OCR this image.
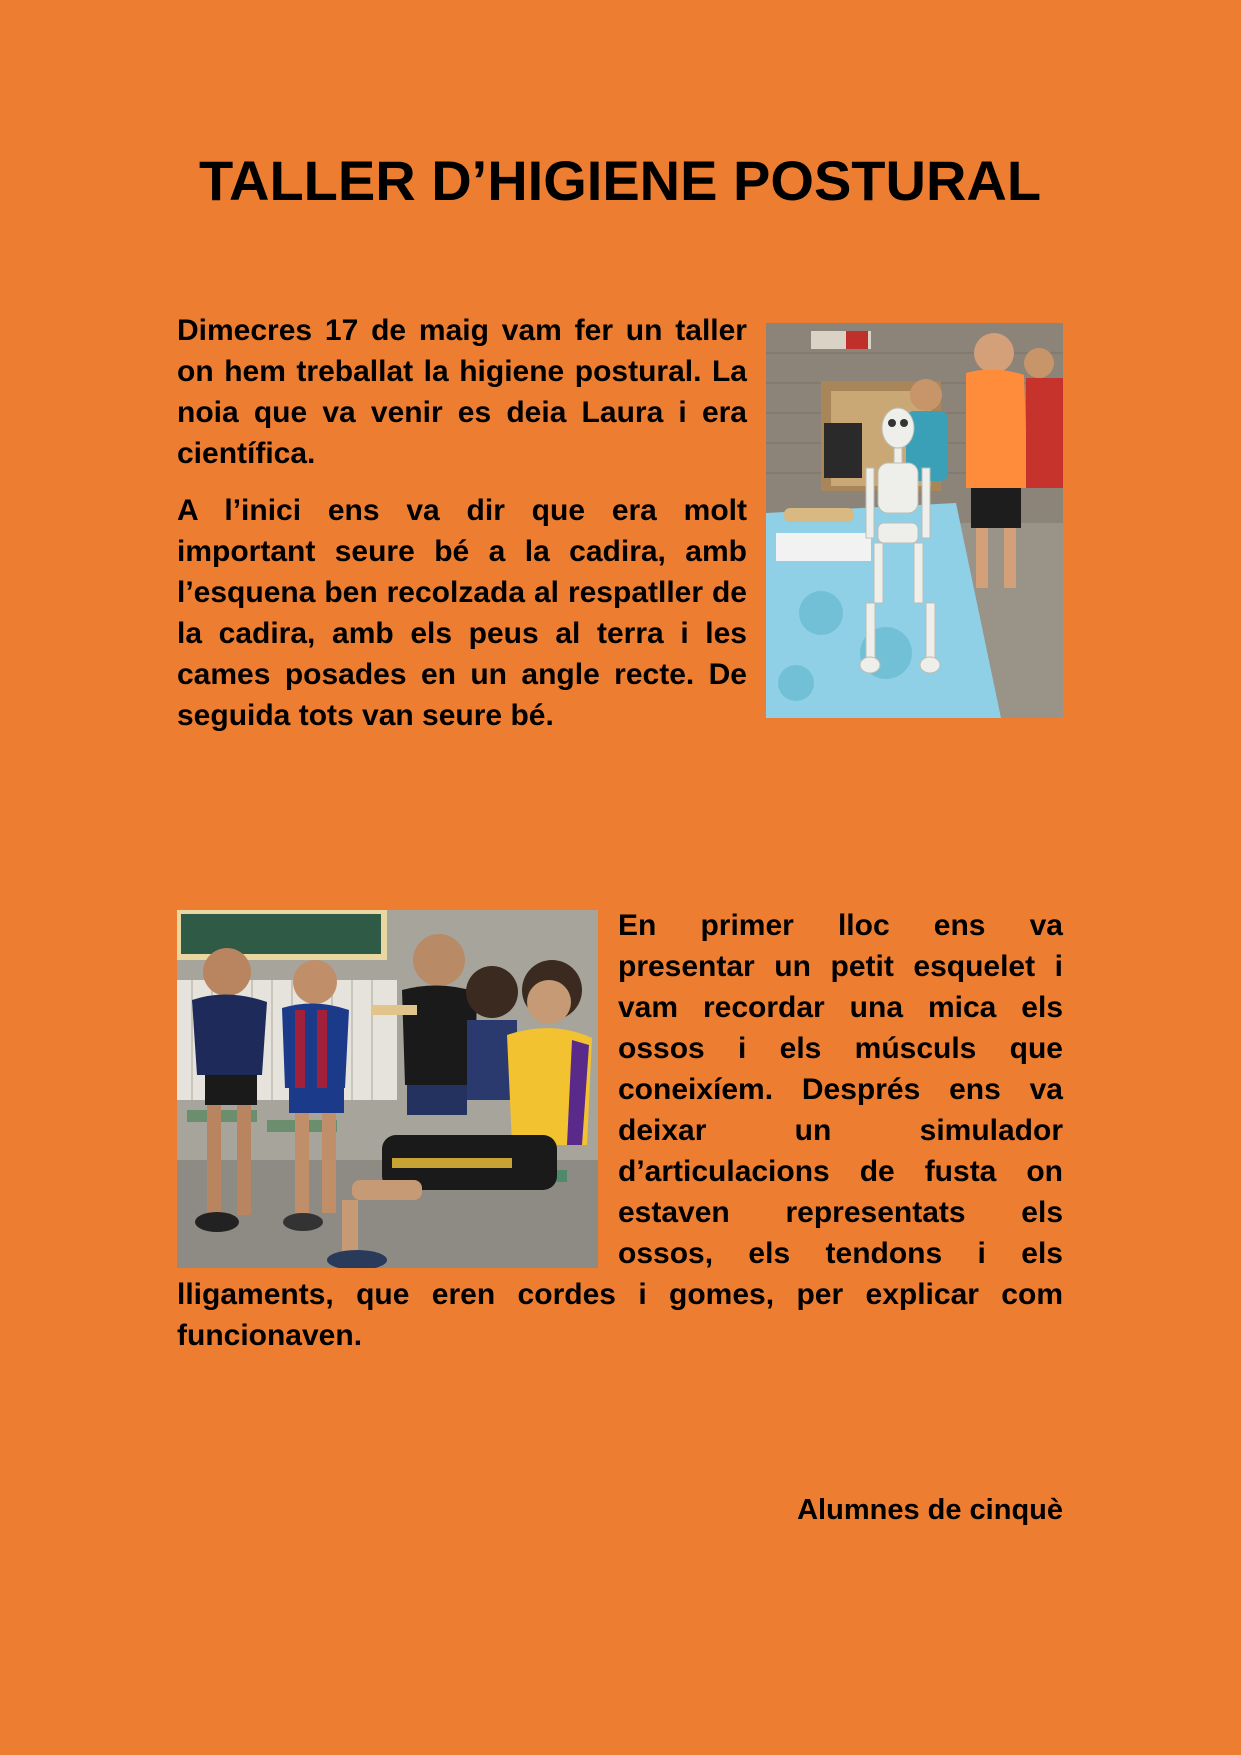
TALLER D’HIGIENE POSTURAL

Dimecres 17 de maig vam fer un taller on hem treballat la higiene postural. La noia que va venir es deia Laura i era científica.

A l’inici ens va dir que era molt important seure bé a la cadira, amb l’esquena ben recolzada al respatller de la cadira, amb els peus al terra i les cames posades en un angle recte. De seguida tots van seure bé.

En primer lloc ens va presentar un petit esquelet i vam recordar una mica els ossos i els músculs que coneixíem. Després ens va deixar un simulador d’articulacions de fusta on estaven representats els ossos, els tendons i els lligaments, que eren cordes i gomes, per explicar com funcionaven.

Alumnes de cinquè
